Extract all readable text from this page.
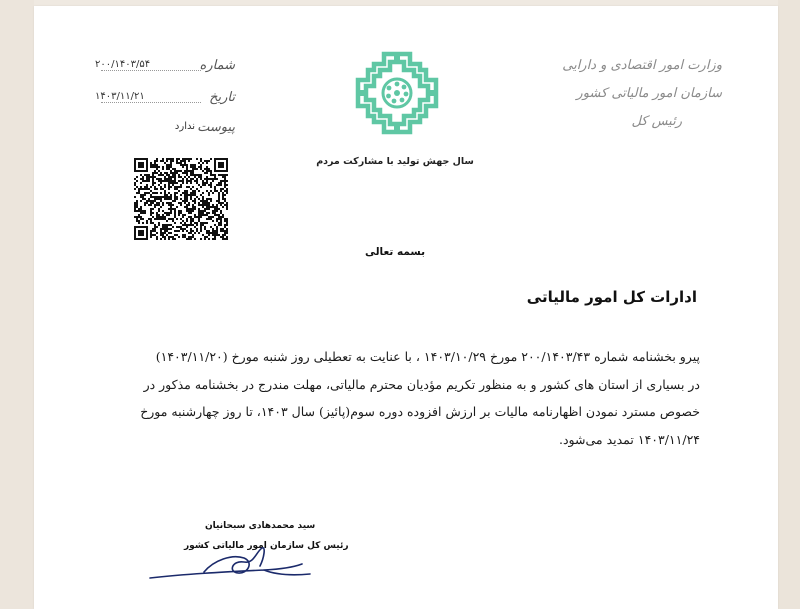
وزارت امور اقتصادی و دارایی
سازمان امور مالیاتی کشور
رئیس کل
شماره
۲۰۰/۱۴۰۳/۵۴
تاریخ
۱۴۰۳/۱۱/۲۱
پیوست
ندارد
سال جهش تولید با مشارکت مردم
بسمه تعالی
ادارات کل امور مالیاتی
پیرو بخشنامه شماره ۲۰۰/۱۴۰۳/۴۳ مورخ ۱۴۰۳/۱۰/۲۹ ، با عنایت به تعطیلی روز شنبه مورخ (۱۴۰۳/۱۱/۲۰)
در بسیاری از استان های کشور و به منظور تکریم مؤدیان محترم مالیاتی، مهلت مندرج در بخشنامه مذکور در
خصوص مسترد نمودن اظهارنامه مالیات بر ارزش افزوده دوره سوم(پائیز) سال ۱۴۰۳، تا روز چهارشنبه مورخ
۱۴۰۳/۱۱/۲۴ تمدید می‌شود.
سید محمدهادی سبحانیان
رئیس کل سازمان امور مالیاتی کشور
